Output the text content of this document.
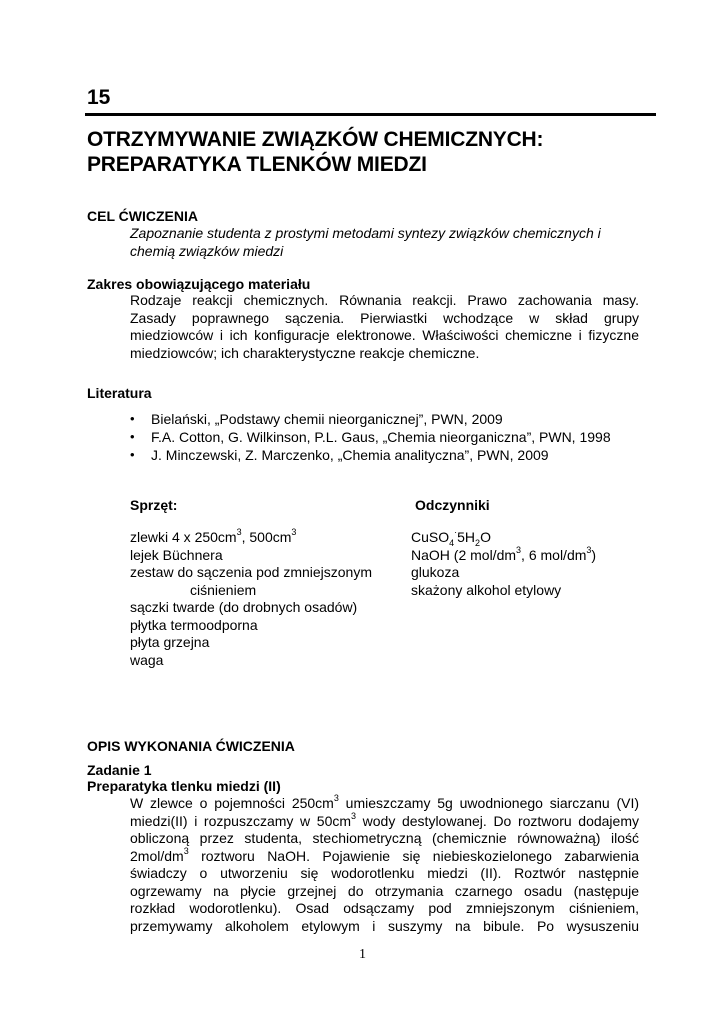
15
OTRZYMYWANIE ZWIĄZKÓW CHEMICZNYCH:
PREPARATYKA TLENKÓW MIEDZI
CEL ĆWICZENIA
Zapoznanie studenta z prostymi metodami syntezy związków chemicznych i
chemią związków miedzi
Zakres obowiązującego materiału
Rodzaje reakcji chemicznych. Równania reakcji. Prawo zachowania masy.
Zasady poprawnego sączenia. Pierwiastki wchodzące w skład grupy
miedziowców i ich konfiguracje elektronowe. Właściwości chemiczne i fizyczne
miedziowców; ich charakterystyczne reakcje chemiczne.
Literatura
• Bielański, „Podstawy chemii nieorganicznej”, PWN, 2009
• F.A. Cotton, G. Wilkinson, P.L. Gaus, „Chemia nieorganiczna”, PWN, 1998
• J. Minczewski, Z. Marczenko, „Chemia analityczna”, PWN, 2009
Sprzęt:
zlewki 4 x $250cm^3$, $500cm^3$
lejek Büchnera
zestaw do sączenia pod zmniejszonym
ciśnieniem
sączki twarde (do drobnych osadów)
płytka termoodporna
płyta grzejna
waga
Odczynniki
$CuSO_4^\cdot 5H_2O$
NaOH (2 mol/$dm^3$, 6 mol/$dm^3$)
glukoza
skażony alkohol etylowy
OPIS WYKONANIA ĆWICZENIA
Zadanie 1
Preparatyka tlenku miedzi (II)
W zlewce o pojemności $250cm^3$ umieszczamy 5g uwodnionego siarczanu (VI)
miedzi(II) i rozpuszczamy w $50cm^3$ wody destylowanej. Do roztworu dodajemy
obliczoną przez studenta, stechiometryczną (chemicznie równoważną) ilość
$2mol/dm^3$ roztworu NaOH. Pojawienie się niebieskozielonego zabarwienia
świadczy o utworzeniu się wodorotlenku miedzi (II). Roztwór następnie
ogrzewamy na płycie grzejnej do otrzymania czarnego osadu (następuje
rozkład wodorotlenku). Osad odsączamy pod zmniejszonym ciśnieniem,
przemywamy alkoholem etylowym i suszymy na bibule. Po wysuszeniu
1
